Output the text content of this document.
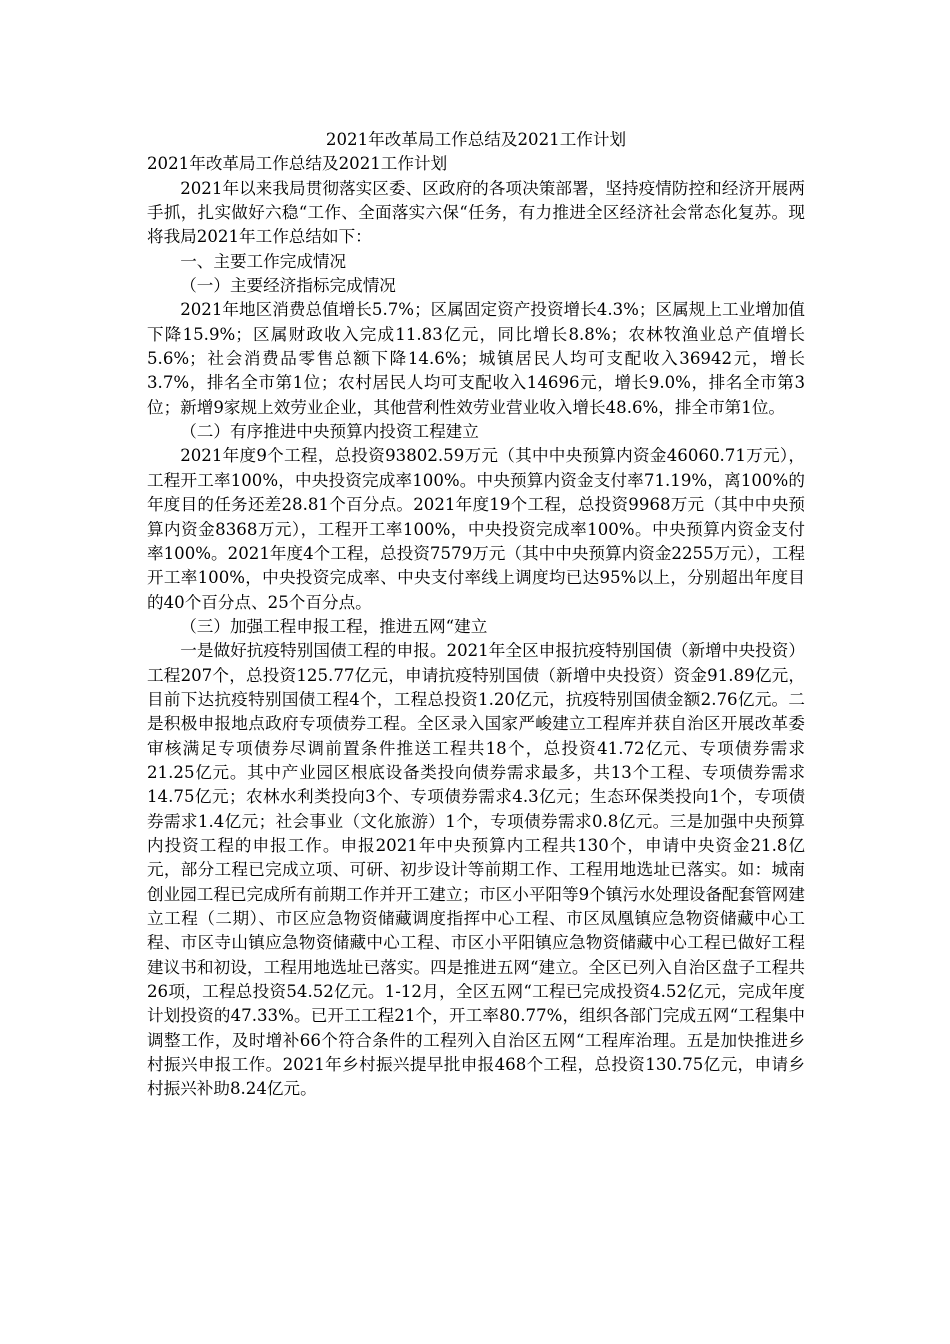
2021年改革局工作总结及2021工作计划
2021年改革局工作总结及2021工作计划

2021年以来我局贯彻落实区委、区政府的各项决策部署，坚持疫情防控和经济开展两手抓，扎实做好六稳“工作、全面落实六保“任务，有力推进全区经济社会常态化复苏。现将我局2021年工作总结如下：

一、主要工作完成情况

（一）主要经济指标完成情况

2021年地区消费总值增长5.7%；区属固定资产投资增长4.3%；区属规上工业增加值下降15.9%；区属财政收入完成11.83亿元，同比增长8.8%；农林牧渔业总产值增长5.6%；社会消费品零售总额下降14.6%；城镇居民人均可支配收入36942元，增长3.7%，排名全市第1位；农村居民人均可支配收入14696元，增长9.0%，排名全市第3位；新增9家规上效劳业企业，其他营利性效劳业营业收入增长48.6%，排全市第1位。

（二）有序推进中央预算内投资工程建立

2021年度9个工程，总投资93802.59万元（其中中央预算内资金46060.71万元），工程开工率100%，中央投资完成率100%。中央预算内资金支付率71.19%，离100%的年度目的任务还差28.81个百分点。2021年度19个工程，总投资9968万元（其中中央预算内资金8368万元），工程开工率100%，中央投资完成率100%。中央预算内资金支付率100%。2021年度4个工程，总投资7579万元（其中中央预算内资金2255万元），工程开工率100%，中央投资完成率、中央支付率线上调度均已达95%以上，分别超出年度目的40个百分点、25个百分点。

（三）加强工程申报工程，推进五网“建立

一是做好抗疫特别国债工程的申报。2021年全区申报抗疫特别国债（新增中央投资）工程207个，总投资125.77亿元，申请抗疫特别国债（新增中央投资）资金91.89亿元，目前下达抗疫特别国债工程4个，工程总投资1.20亿元，抗疫特别国债金额2.76亿元。二是积极申报地点政府专项债券工程。全区录入国家严峻建立工程库并获自治区开展改革委审核满足专项债券尽调前置条件推送工程共18个，总投资41.72亿元、专项债券需求21.25亿元。其中产业园区根底设备类投向债券需求最多，共13个工程、专项债券需求14.75亿元；农林水利类投向3个、专项债券需求4.3亿元；生态环保类投向1个，专项债券需求1.4亿元；社会事业（文化旅游）1个，专项债券需求0.8亿元。三是加强中央预算内投资工程的申报工作。申报2021年中央预算内工程共130个，申请中央资金21.8亿元，部分工程已完成立项、可研、初步设计等前期工作、工程用地选址已落实。如：城南创业园工程已完成所有前期工作并开工建立；市区小平阳等9个镇污水处理设备配套管网建立工程（二期）、市区应急物资储藏调度指挥中心工程、市区凤凰镇应急物资储藏中心工程、市区寺山镇应急物资储藏中心工程、市区小平阳镇应急物资储藏中心工程已做好工程建议书和初设，工程用地选址已落实。四是推进五网“建立。全区已列入自治区盘子工程共26项，工程总投资54.52亿元。1-12月，全区五网“工程已完成投资4.52亿元，完成年度计划投资的47.33%。已开工工程21个，开工率80.77%，组织各部门完成五网“工程集中调整工作，及时增补66个符合条件的工程列入自治区五网“工程库治理。五是加快推进乡村振兴申报工作。2021年乡村振兴提早批申报468个工程，总投资130.75亿元，申请乡村振兴补助8.24亿元。
